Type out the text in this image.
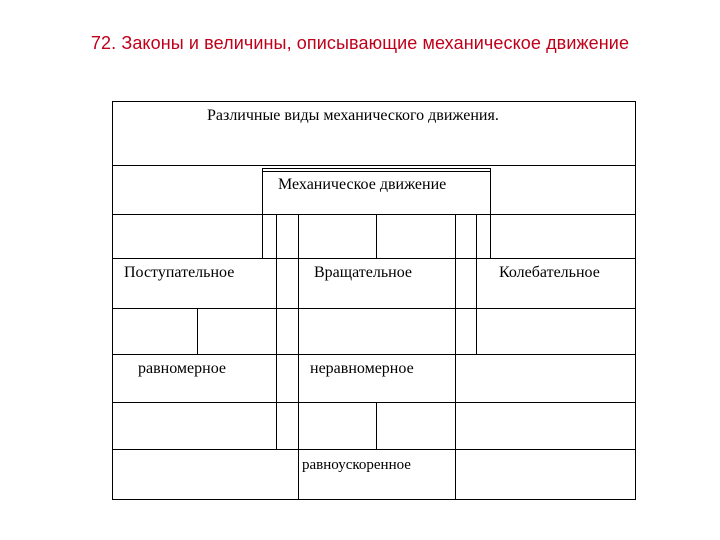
72. Законы и величины, описывающие механическое движение
Различные виды механического движения.
Механическое движение
Поступательное	Вращательное	Колебательное
равномерное	неравномерное
равноускоренное
